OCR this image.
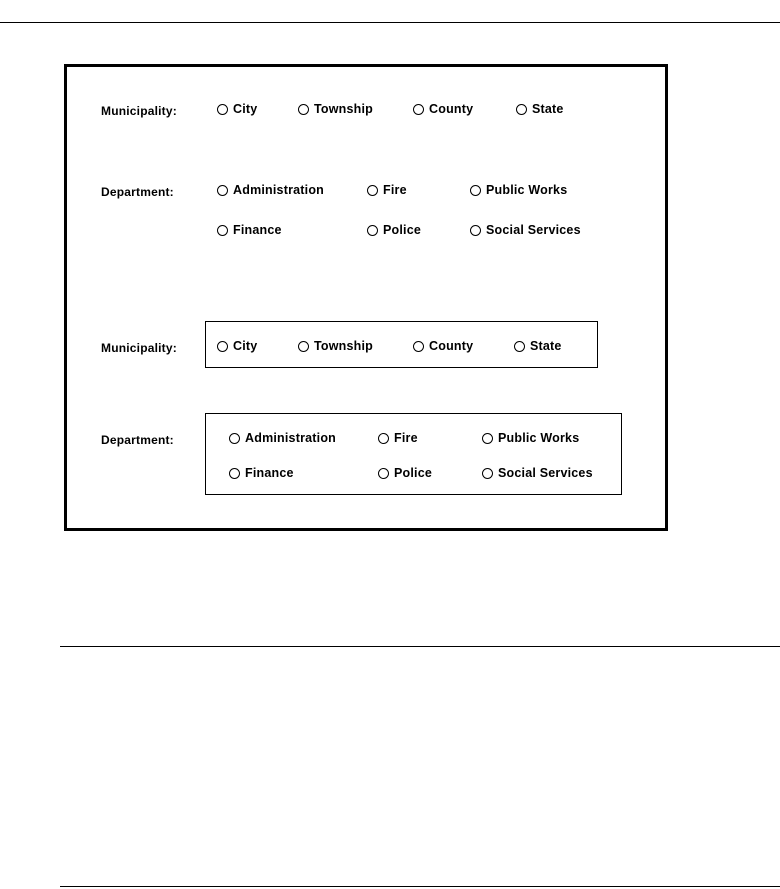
Municipality:	City	Township	County	State
Department:	Administration	Fire	Public Works
Finance	Police	Social Services
Municipality:	City	Township	County	State
Department:	Administration	Fire	Public Works
Finance	Police	Social Services
